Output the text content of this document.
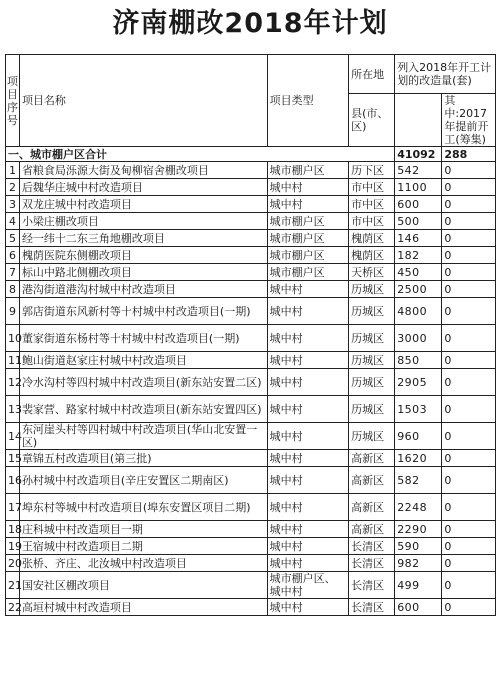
济南棚改2018年计划
项目序号	项目名称	项目类型	所在地	列入2018年开工计划的改造量(套)	
			县(市、区)		其中:2017年提前开工(筹集)
一、城市棚户区合计				41092	288
1	省粮食局泺源大街及甸柳宿舍棚改项目	城市棚户区	历下区	542	0
2	后魏华庄城中村改造项目	城中村	市中区	1100	0
3	双龙庄城中村改造项目	城中村	市中区	600	0
4	小梁庄棚改项目	城市棚户区	市中区	500	0
5	经一纬十二东三角地棚改项目	城市棚户区	槐荫区	146	0
6	槐荫医院东侧棚改项目	城市棚户区	槐荫区	182	0
7	标山中路北侧棚改项目	城市棚户区	天桥区	450	0
8	港沟街道港沟村城中村改造项目	城中村	历城区	2500	0
9	郭店街道东风新村等十村城中村改造项目(一期)	城中村	历城区	4800	0
10	董家街道东杨村等十村城中村改造项目(一期)	城中村	历城区	3000	0
11	鲍山街道赵家庄村城中村改造项目	城中村	历城区	850	0
12	冷水沟村等四村城中村改造项目(新东站安置二区)	城中村	历城区	2905	0
13	裴家营、路家村城中村改造项目(新东站安置四区)	城中村	历城区	1503	0
14	东河崖头村等四村城中村改造项目(华山北安置一区)	城中村	历城区	960	0
15	章锦五村改造项目(第三批)	城中村	高新区	1620	0
16	孙村城中村改造项目(辛庄安置区二期南区)	城中村	高新区	582	0
17	埠东村等城中村改造项目(埠东安置区项目二期)	城中村	高新区	2248	0
18	庄科城中村改造项目一期	城中村	高新区	2290	0
19	王宿城中村改造项目二期	城中村	长清区	590	0
20	张桥、齐庄、北汝城中村改造项目	城中村	长清区	982	0
21	国安社区棚改项目	城市棚户区、城中村	长清区	499	0
22	高垣村城中村改造项目	城中村	长清区	600	0
